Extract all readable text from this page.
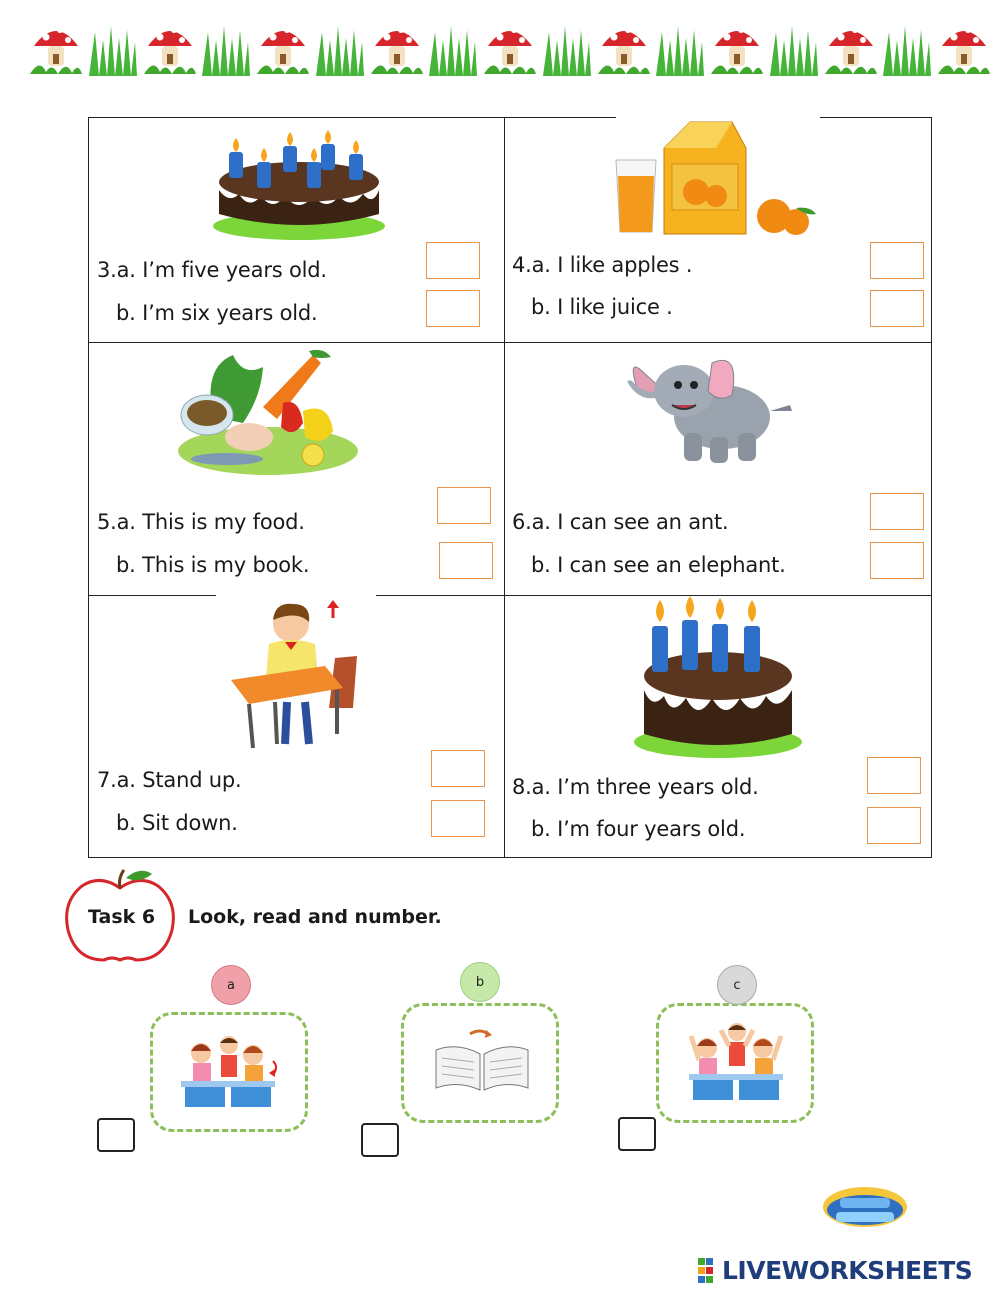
3.a. I’m five years old.
b. I’m six years old.
4.a. I like apples .
b. I like juice .
5.a. This is my food.
b. This is my book.
6.a. I can see an ant.
b. I can see an elephant.
7.a. Stand up.
b. Sit down.
8.a. I’m three years old.
b. I’m four years old.
Task 6 Look, read and number.
a	b	c
LIVEWORKSHEETS
